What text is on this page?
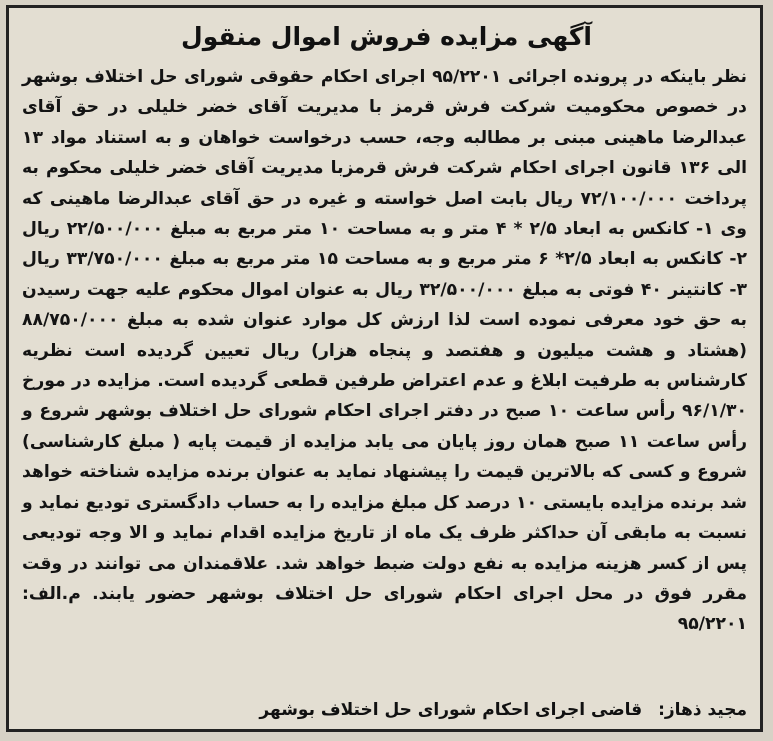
آگهی مزایده فروش اموال منقول
نظر باینکه در پرونده اجرائی ۹۵/۲۲۰۱ اجرای احکام حقوقی شورای حل اختلاف بوشهر در خصوص محکومیت شرکت فرش قرمز با مدیریت آقای خضر خلیلی در حق آقای عبدالرضا ماهینی مبنی بر مطالبه وجه، حسب درخواست خواهان و به استناد مواد ۱۳ الی ۱۳۶ قانون اجرای احکام شرکت فرش قرمزبا مدیریت آقای خضر خلیلی محکوم به پرداخت ۷۲/۱۰۰/۰۰۰ ریال بابت اصل خواسته و غیره در حق آقای عبدالرضا ماهینی که وی ۱- کانکس به ابعاد ۲/۵ * ۴ متر و به مساحت ۱۰ متر مربع به مبلغ ۲۲/۵۰۰/۰۰۰ ریال ۲- کانکس به ابعاد ۲/۵* ۶ متر مربع و به مساحت ۱۵ متر مربع به مبلغ ۳۳/۷۵۰/۰۰۰ ریال ۳- کانتینر ۴۰ فوتی به مبلغ ۳۲/۵۰۰/۰۰۰ ریال به عنوان اموال محکوم علیه جهت رسیدن به حق خود معرفی نموده است لذا ارزش کل موارد عنوان شده به مبلغ ۸۸/۷۵۰/۰۰۰ (هشتاد و هشت میلیون و هفتصد و پنجاه هزار) ریال تعیین گردیده است نظریه کارشناس به طرفیت ابلاغ و عدم اعتراض طرفین قطعی گردیده است. مزایده در مورخ ۹۶/۱/۳۰ رأس ساعت ۱۰ صبح در دفتر اجرای احکام شورای حل اختلاف بوشهر شروع و رأس ساعت ۱۱ صبح همان روز پایان می یابد مزایده از قیمت پایه ( مبلغ کارشناسی) شروع و کسی که بالاترین قیمت را پیشنهاد نماید به عنوان برنده مزایده شناخته خواهد شد برنده مزایده بایستی ۱۰ درصد کل مبلغ مزایده را به حساب دادگستری تودیع نماید و نسبت به مابقی آن حداکثر ظرف یک ماه از تاریخ مزایده اقدام نماید و الا وجه تودیعی پس از کسر هزینه مزایده به نفع دولت ضبط خواهد شد. علاقمندان می توانند در وقت مقرر فوق در محل اجرای احکام شورای حل اختلاف بوشهر حضور یابند. م.الف: ۹۵/۲۲۰۱
مجید ذهاز: قاضی اجرای احکام شورای حل اختلاف بوشهر
